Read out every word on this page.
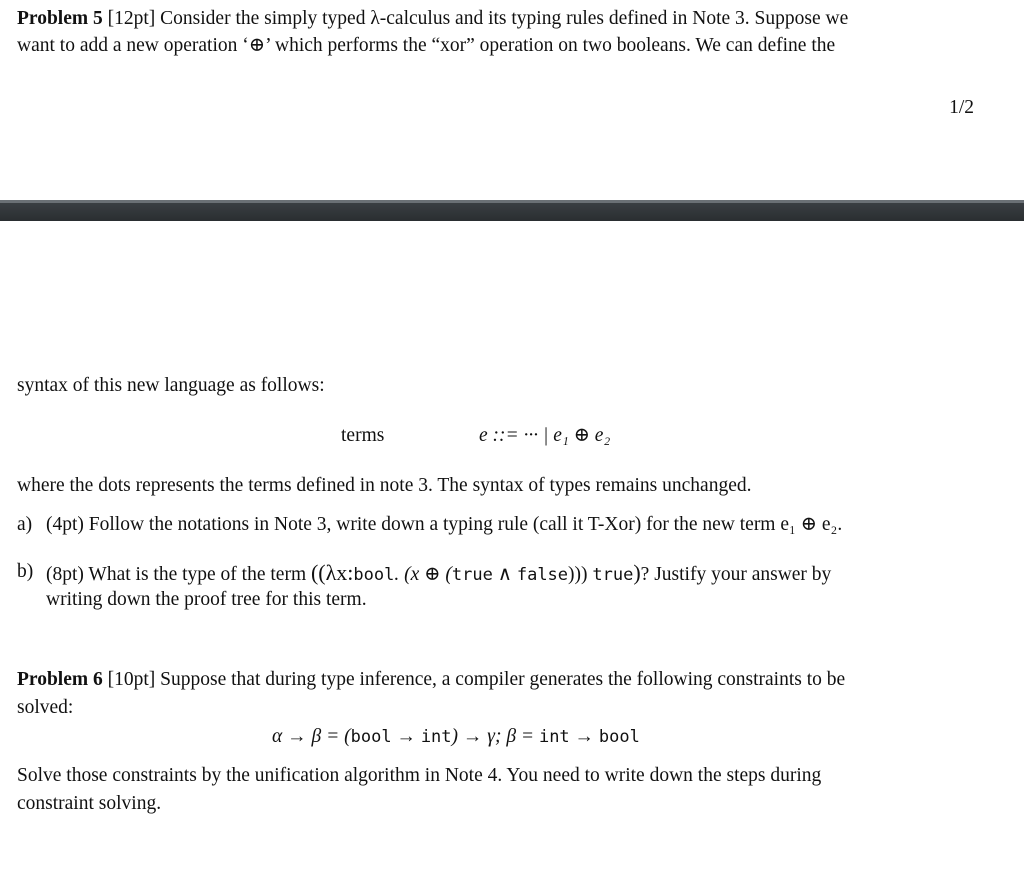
Problem 5 [12pt] Consider the simply typed λ-calculus and its typing rules defined in Note 3. Suppose we
want to add a new operation ‘⊕’ which performs the “xor” operation on two booleans. We can define the
1/2
syntax of this new language as follows:
terms	e ::= ··· | e₁ ⊕ e₂
where the dots represents the terms defined in note 3. The syntax of types remains unchanged.
a) (4pt) Follow the notations in Note 3, write down a typing rule (call it T-Xor) for the new term e₁ ⊕ e₂.
b) (8pt) What is the type of the term ((λx:bool. (x ⊕ (true ∧ false))) true)? Justify your answer by
writing down the proof tree for this term.
Problem 6 [10pt] Suppose that during type inference, a compiler generates the following constraints to be
solved:
α → β = (bool → int) → γ; β = int → bool
Solve those constraints by the unification algorithm in Note 4. You need to write down the steps during
constraint solving.
